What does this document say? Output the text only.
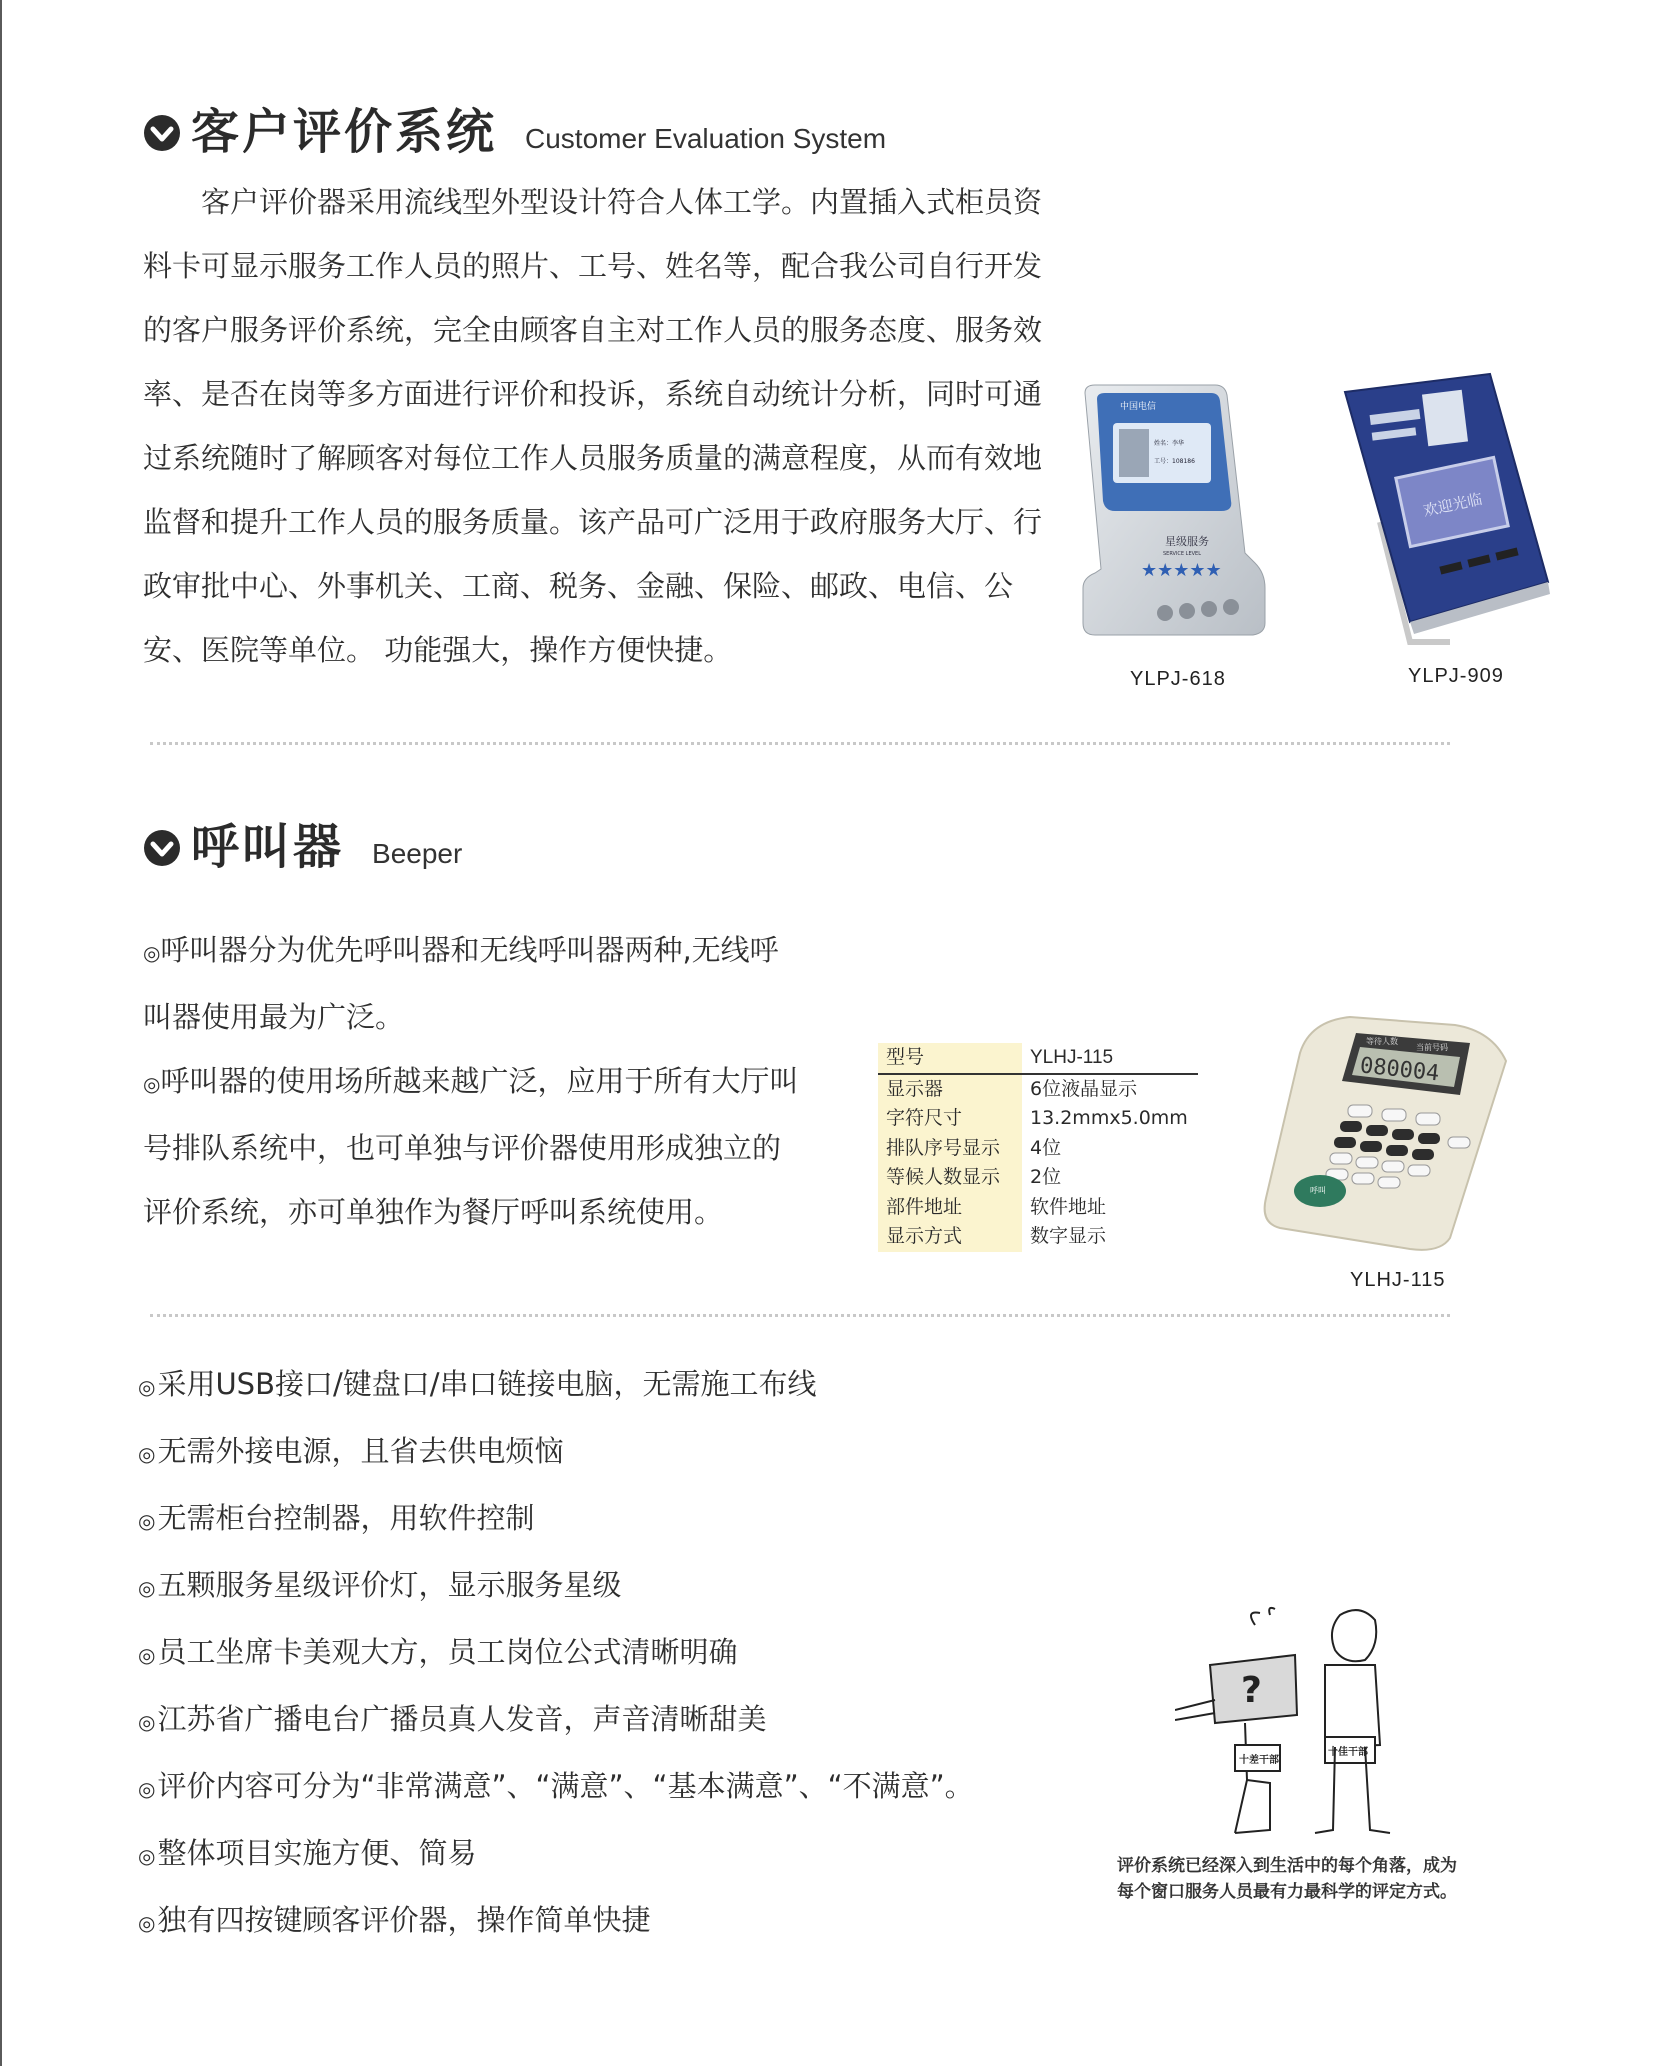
客户评价系统 Customer Evaluation System

客户评价器采用流线型外型设计符合人体工学。内置插入式柜员资料卡可显示服务工作人员的照片、工号、姓名等，配合我公司自行开发的客户服务评价系统，完全由顾客自主对工作人员的服务态度、服务效率、是否在岗等多方面进行评价和投诉，系统自动统计分析，同时可通过系统随时了解顾客对每位工作人员服务质量的满意程度，从而有效地监督和提升工作人员的服务质量。该产品可广泛用于政府服务大厅、行政审批中心、外事机关、工商、税务、金融、保险、邮政、电信、公安、医院等单位。 功能强大，操作方便快捷。

中国电信
姓名：李华
工号：108186
星级服务
SERVICE LEVEL
★★★★★
YLPJ-618
欢迎光临
YLPJ-909
呼叫器 Beeper

◎呼叫器分为优先呼叫器和无线呼叫器两种,无线呼叫器使用最为广泛。

◎呼叫器的使用场所越来越广泛，应用于所有大厅叫号排队系统中，也可单独与评价器使用形成独立的评价系统，亦可单独作为餐厅呼叫系统使用。

型号	YLHJ-115
显示器	6位液晶显示
字符尺寸	13.2mmx5.0mm
排队序号显示	4位
等候人数显示	2位
部件地址	软件地址
显示方式	数字显示
等待人数
当前号码
080004
呼叫
YLHJ-115
◎采用USB接口/键盘口/串口链接电脑，无需施工布线
◎无需外接电源，且省去供电烦恼
◎无需柜台控制器，用软件控制
◎五颗服务星级评价灯，显示服务星级
◎员工坐席卡美观大方，员工岗位公式清晰明确
◎江苏省广播电台广播员真人发音，声音清晰甜美
◎评价内容可分为“非常满意”、“满意”、“基本满意”、“不满意”。
◎整体项目实施方便、简易
◎独有四按键顾客评价器，操作简单快捷
?
十差干部
十佳干部
评价系统已经深入到生活中的每个角落，成为
每个窗口服务人员最有力最科学的评定方式。
